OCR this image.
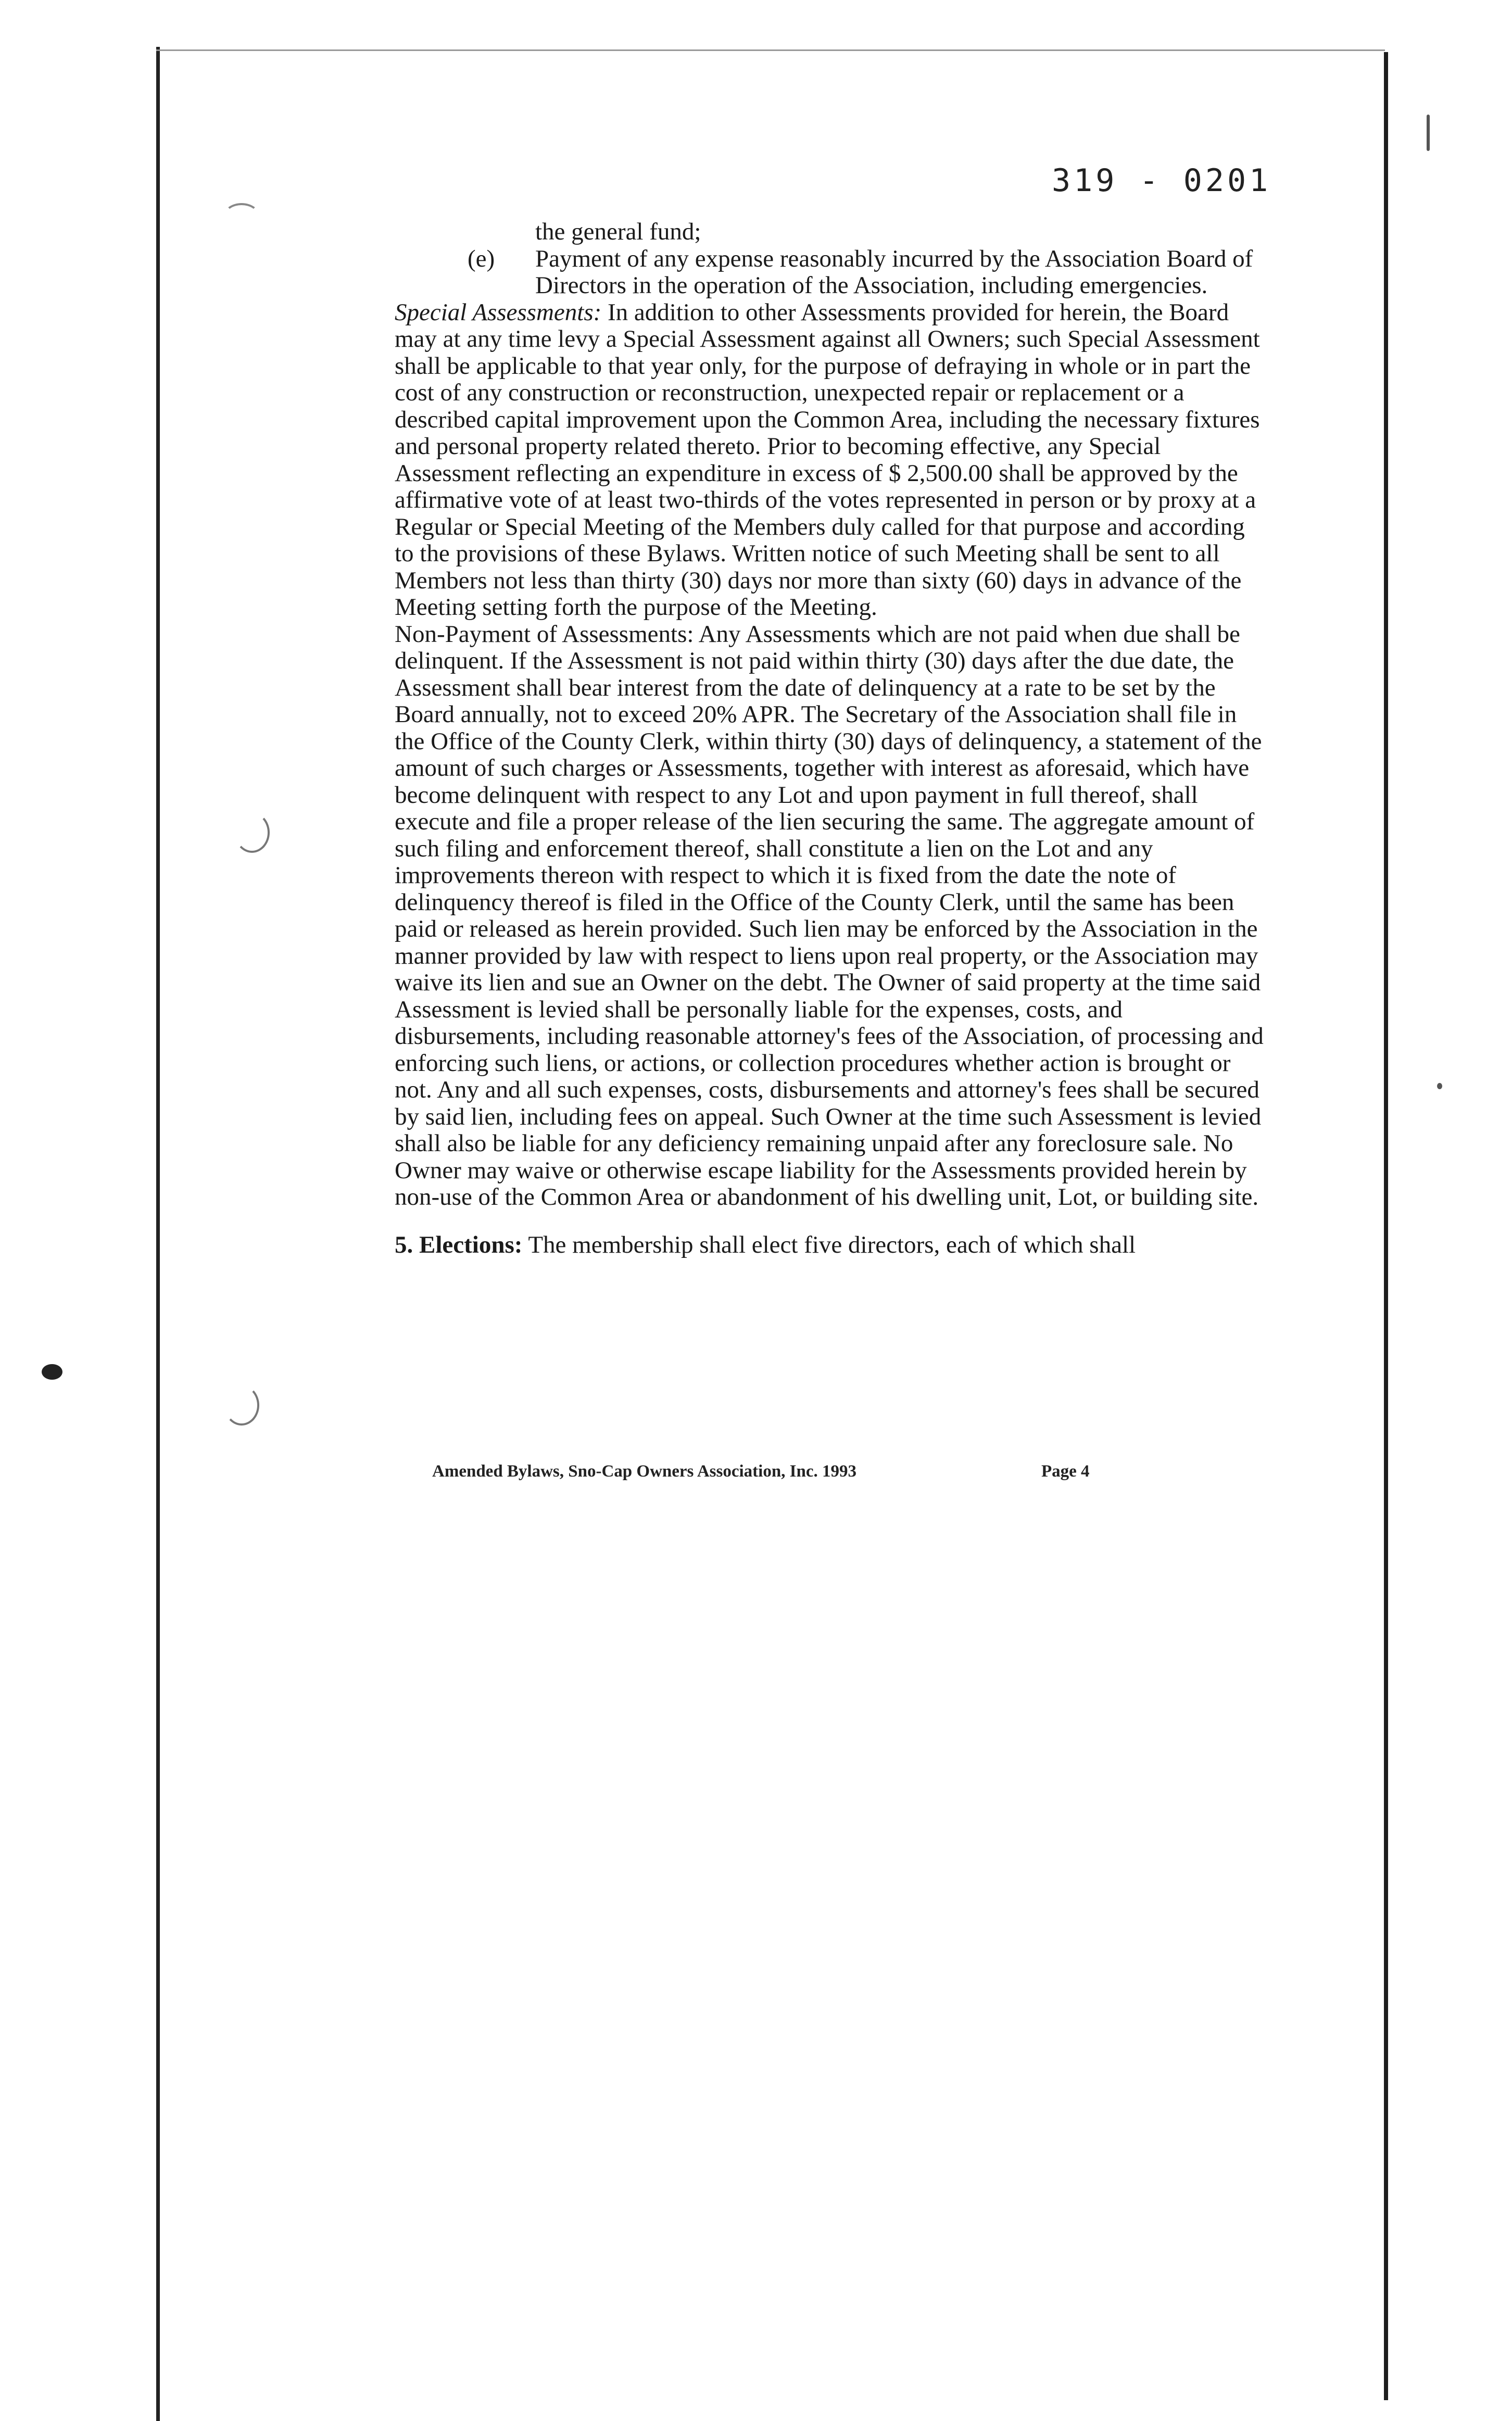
319 - 0201

the general fund;

(e) Payment of any expense reasonably incurred by the Association Board of Directors in the operation of the Association, including emergencies.

Special Assessments: In addition to other Assessments provided for herein, the Board may at any time levy a Special Assessment against all Owners; such Special Assessment shall be applicable to that year only, for the purpose of defraying in whole or in part the cost of any construction or reconstruction, unexpected repair or replacement or a described capital improvement upon the Common Area, including the necessary fixtures and personal property related thereto. Prior to becoming effective, any Special Assessment reflecting an expenditure in excess of $ 2,500.00 shall be approved by the affirmative vote of at least two-thirds of the votes represented in person or by proxy at a Regular or Special Meeting of the Members duly called for that purpose and according to the provisions of these Bylaws. Written notice of such Meeting shall be sent to all Members not less than thirty (30) days nor more than sixty (60) days in advance of the Meeting setting forth the purpose of the Meeting.

Non-Payment of Assessments: Any Assessments which are not paid when due shall be delinquent. If the Assessment is not paid within thirty (30) days after the due date, the Assessment shall bear interest from the date of delinquency at a rate to be set by the Board annually, not to exceed 20% APR. The Secretary of the Association shall file in the Office of the County Clerk, within thirty (30) days of delinquency, a statement of the amount of such charges or Assessments, together with interest as aforesaid, which have become delinquent with respect to any Lot and upon payment in full thereof, shall execute and file a proper release of the lien securing the same. The aggregate amount of such filing and enforcement thereof, shall constitute a lien on the Lot and any improvements thereon with respect to which it is fixed from the date the note of delinquency thereof is filed in the Office of the County Clerk, until the same has been paid or released as herein provided. Such lien may be enforced by the Association in the manner provided by law with respect to liens upon real property, or the Association may waive its lien and sue an Owner on the debt. The Owner of said property at the time said Assessment is levied shall be personally liable for the expenses, costs, and disbursements, including reasonable attorney's fees of the Association, of processing and enforcing such liens, or actions, or collection procedures whether action is brought or not. Any and all such expenses, costs, disbursements and attorney's fees shall be secured by said lien, including fees on appeal. Such Owner at the time such Assessment is levied shall also be liable for any deficiency remaining unpaid after any foreclosure sale. No Owner may waive or otherwise escape liability for the Assessments provided herein by non-use of the Common Area or abandonment of his dwelling unit, Lot, or building site.

5. Elections: The membership shall elect five directors, each of which shall

Amended Bylaws, Sno-Cap Owners Association, Inc. 1993	Page 4
